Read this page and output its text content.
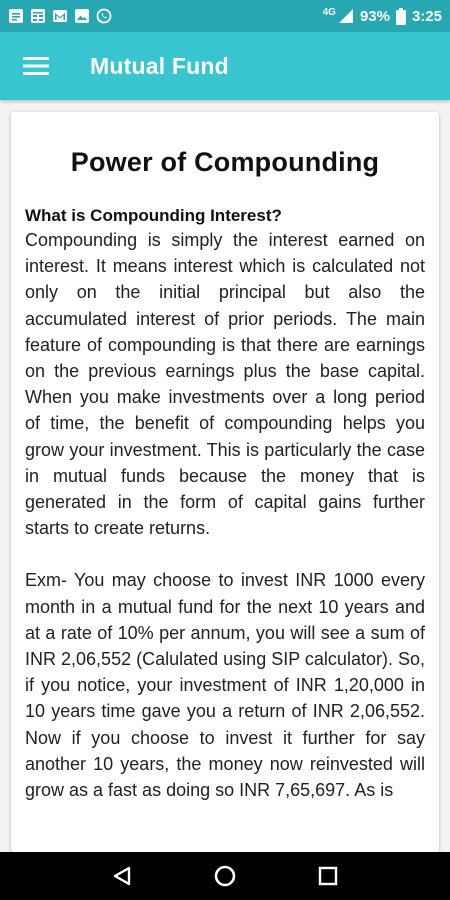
4G 93% 3:25
Mutual Fund
Power of Compounding
What is Compounding Interest?

Compounding is simply the interest earned on interest. It means interest which is calculated not only on the initial principal but also the accumulated interest of prior periods. The main feature of compounding is that there are earnings on the previous earnings plus the base capital. When you make investments over a long period of time, the benefit of compounding helps you grow your investment. This is particularly the case in mutual funds because the money that is generated in the form of capital gains further starts to create returns.

Exm- You may choose to invest INR 1000 every month in a mutual fund for the next 10 years and at a rate of 10% per annum, you will see a sum of INR 2,06,552 (Calulated using SIP calculator). So, if you notice, your investment of INR 1,20,000 in 10 years time gave you a return of INR 2,06,552. Now if you choose to invest it further for say another 10 years, the money now reinvested will grow as a fast as doing so INR 7,65,697. As is
